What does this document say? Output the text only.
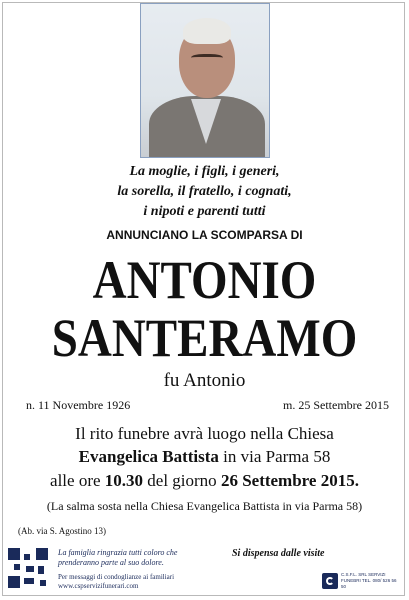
La moglie, i figli, i generi,
la sorella, il fratello, i cognati,
i nipoti e parenti tutti
ANNUNCIANO LA SCOMPARSA DI
ANTONIO
SANTERAMO
fu Antonio
n. 11 Novembre 1926	m. 25 Settembre 2015
Il rito funebre avrà luogo nella Chiesa
Evangelica Battista in via Parma 58
alle ore 10.30 del giorno 26 Settembre 2015.
(La salma sosta nella Chiesa Evangelica Battista in via Parma 58)
(Ab. via S. Agostino 13)
La famiglia ringrazia tutti coloro che prenderanno parte al suo dolore.
Per messaggi di condoglianze ai familiari
www.cspservizifunerari.com
Si dispensa dalle visite
C.S.F.L. SRL SERVIZI FUNEBRI TEL. 080/ 526 56 50
